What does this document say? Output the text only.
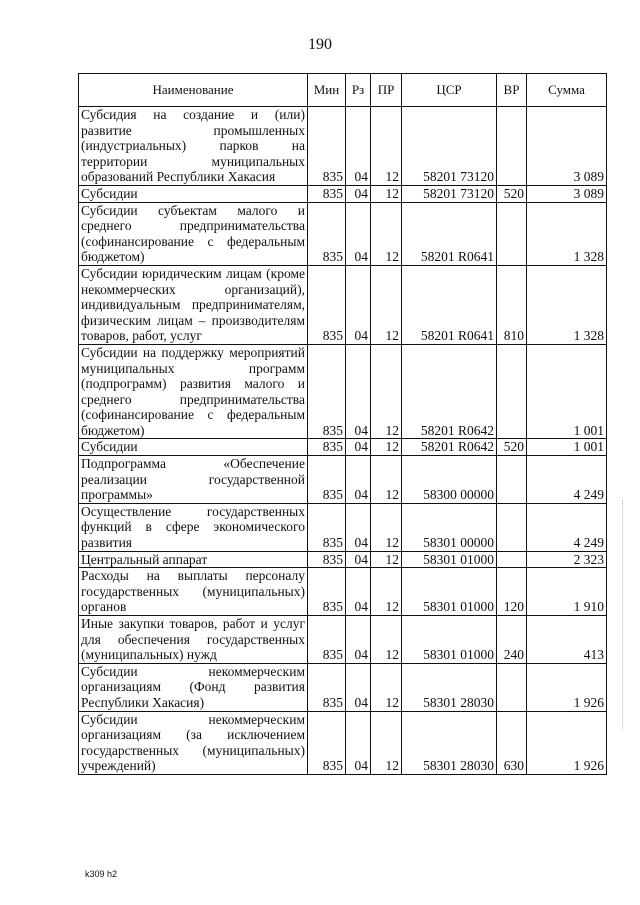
190
Наименование	Мин	Рз	ПР	ЦСР	ВР	Сумма
Субсидия на создание и (или) развитие промышленных (индустриальных) парков на территории муниципальных образований Республики Хакасия	835	04	12	58201 73120		3 089
Субсидии	835	04	12	58201 73120	520	3 089
Субсидии субъектам малого и среднего предпринимательства (софинансирование с федеральным бюджетом)	835	04	12	58201 R0641		1 328
Субсидии юридическим лицам (кроме некоммерческих организаций), индивидуальным предпринимателям, физическим лицам – производителям товаров, работ, услуг	835	04	12	58201 R0641	810	1 328
Субсидии на поддержку мероприятий муниципальных программ (подпрограмм) развития малого и среднего предпринимательства (софинансирование с федеральным бюджетом)	835	04	12	58201 R0642		1 001
Субсидии	835	04	12	58201 R0642	520	1 001
Подпрограмма «Обеспечение реализации государственной программы»	835	04	12	58300 00000		4 249
Осуществление государственных функций в сфере экономического развития	835	04	12	58301 00000		4 249
Центральный аппарат	835	04	12	58301 01000		2 323
Расходы на выплаты персоналу государственных (муниципальных) органов	835	04	12	58301 01000	120	1 910
Иные закупки товаров, работ и услуг для обеспечения государственных (муниципальных) нужд	835	04	12	58301 01000	240	413
Субсидии некоммерческим организациям (Фонд развития Республики Хакасия)	835	04	12	58301 28030		1 926
Субсидии некоммерческим организациям (за исключением государственных (муниципальных) учреждений)	835	04	12	58301 28030	630	1 926
k309 h2
